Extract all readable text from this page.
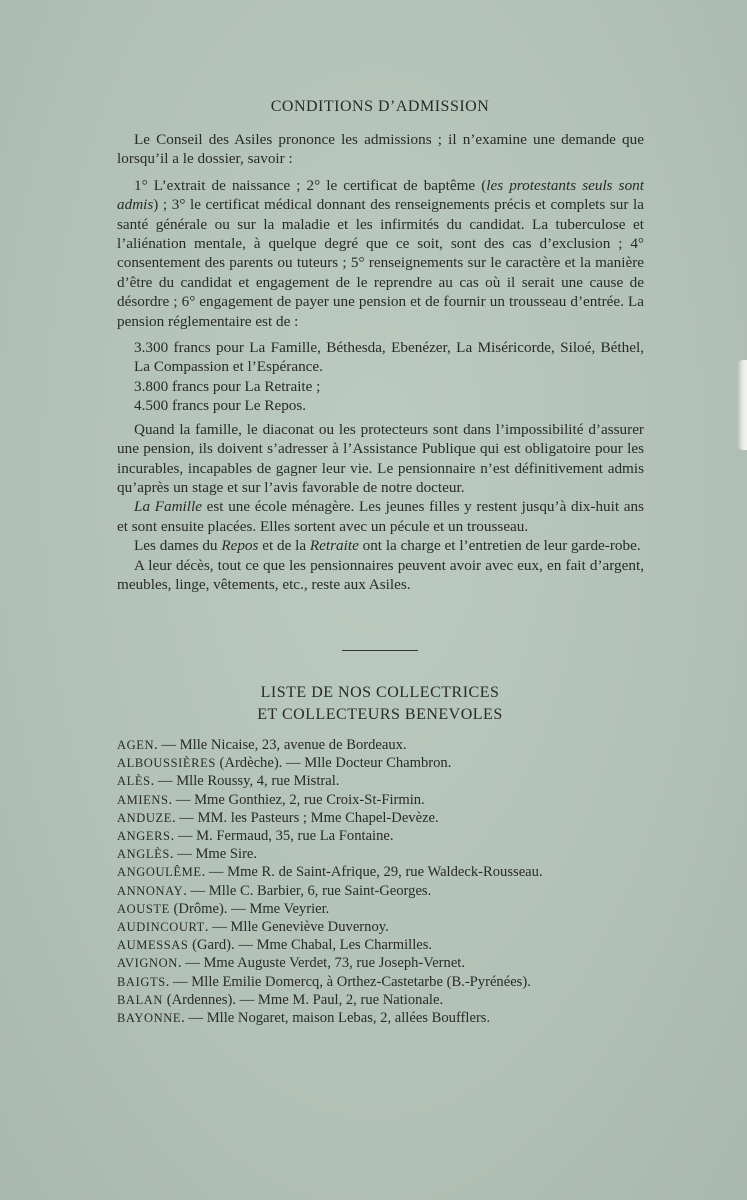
CONDITIONS D’ADMISSION

Le Conseil des Asiles prononce les admissions ; il n’examine une demande que lorsqu’il a le dossier, savoir :

1° L’extrait de naissance ; 2° le certificat de baptême (les protestants seuls sont admis) ; 3° le certificat médical donnant des renseignements précis et complets sur la santé générale ou sur la maladie et les infirmités du candidat. La tuberculose et l’aliénation mentale, à quelque degré que ce soit, sont des cas d’exclusion ; 4° consentement des parents ou tuteurs ; 5° renseignements sur le caractère et la manière d’être du candidat et engagement de le reprendre au cas où il serait une cause de désordre ; 6° engagement de payer une pension et de fournir un trousseau d’entrée. La pension réglementaire est de :

3.300 francs pour La Famille, Béthesda, Ebenézer, La Miséricorde, Siloé, Béthel, La Compassion et l’Espérance.

3.800 francs pour La Retraite ;

4.500 francs pour Le Repos.

Quand la famille, le diaconat ou les protecteurs sont dans l’impossibilité d’assurer une pension, ils doivent s’adresser à l’Assistance Publique qui est obligatoire pour les incurables, incapables de gagner leur vie. Le pensionnaire n’est définitivement admis qu’après un stage et sur l’avis favorable de notre docteur.

La Famille est une école ménagère. Les jeunes filles y restent jusqu’à dix-huit ans et sont ensuite placées. Elles sortent avec un pécule et un trousseau.

Les dames du Repos et de la Retraite ont la charge et l’entretien de leur garde-robe.

A leur décès, tout ce que les pensionnaires peuvent avoir avec eux, en fait d’argent, meubles, linge, vêtements, etc., reste aux Asiles.

LISTE DE NOS COLLECTRICES
ET COLLECTEURS BENEVOLES
AGEN. — Mlle Nicaise, 23, avenue de Bordeaux.
ALBOUSSIÈRES (Ardèche). — Mlle Docteur Chambron.
ALÈS. — Mlle Roussy, 4, rue Mistral.
AMIENS. — Mme Gonthiez, 2, rue Croix-St-Firmin.
ANDUZE. — MM. les Pasteurs ; Mme Chapel-Devèze.
ANGERS. — M. Fermaud, 35, rue La Fontaine.
ANGLÈS. — Mme Sire.
ANGOULÊME. — Mme R. de Saint-Afrique, 29, rue Waldeck-Rousseau.
ANNONAY. — Mlle C. Barbier, 6, rue Saint-Georges.
AOUSTE (Drôme). — Mme Veyrier.
AUDINCOURT. — Mlle Geneviève Duvernoy.
AUMESSAS (Gard). — Mme Chabal, Les Charmilles.
AVIGNON. — Mme Auguste Verdet, 73, rue Joseph-Vernet.
BAIGTS. — Mlle Emilie Domercq, à Orthez-Castetarbe (B.-Pyrénées).
BALAN (Ardennes). — Mme M. Paul, 2, rue Nationale.
BAYONNE. — Mlle Nogaret, maison Lebas, 2, allées Boufflers.
